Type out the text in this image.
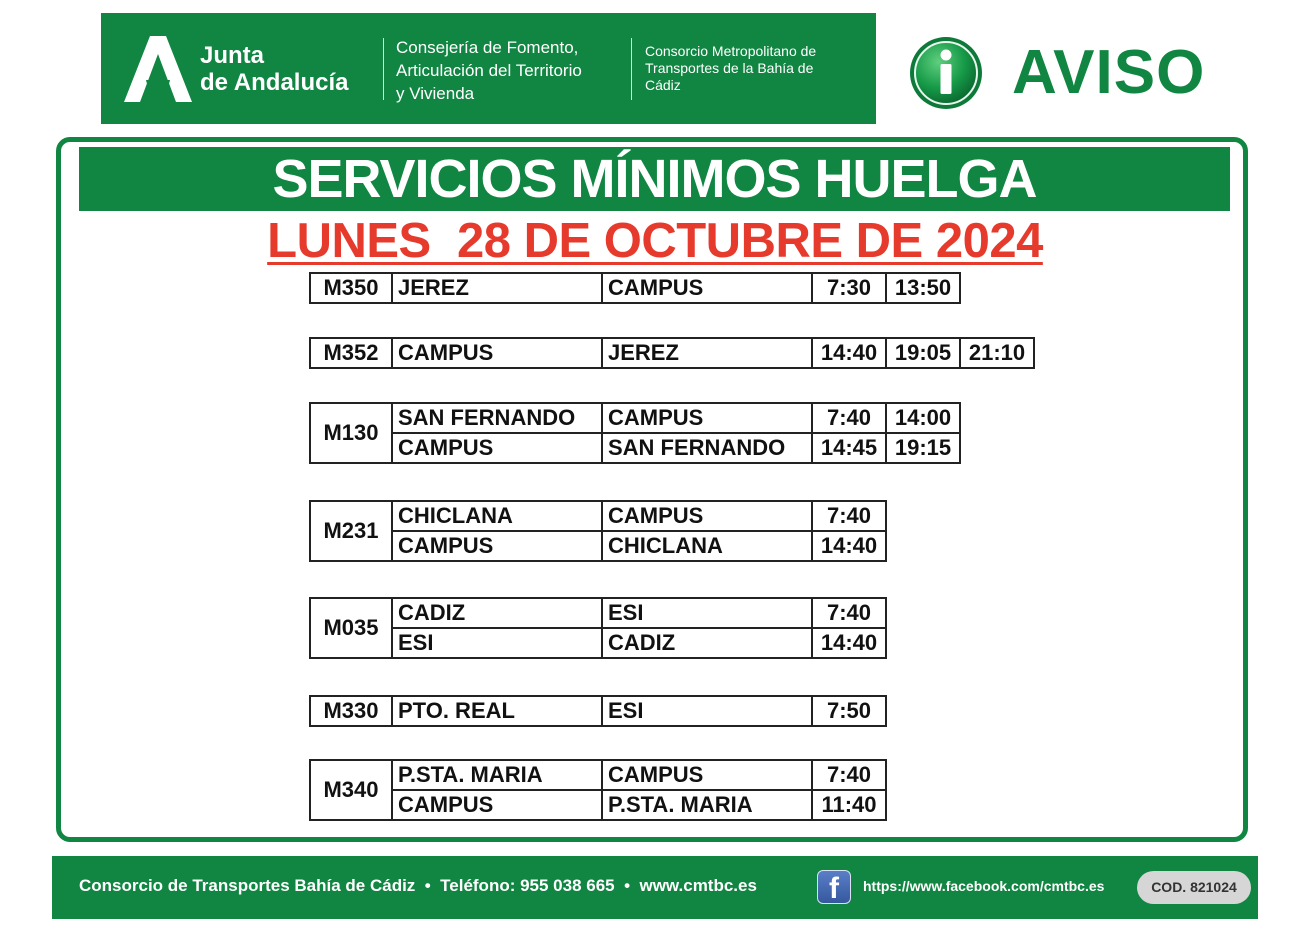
Junta
de Andalucía
Consejería de Fomento,
Articulación del Territorio
y Vivienda
Consorcio Metropolitano de
Transportes de la Bahía de
Cádiz	AVISO
SERVICIOS MÍNIMOS HUELGA
LUNES  28 DE OCTUBRE DE 2024
M350	JEREZ	CAMPUS	7:30	13:50
M352	CAMPUS	JEREZ	14:40	19:05	21:10
M130	SAN FERNANDO	CAMPUS	7:40	14:00
	CAMPUS	SAN FERNANDO	14:45	19:15
M231	CHICLANA	CAMPUS	7:40
	CAMPUS	CHICLANA	14:40
M035	CADIZ	ESI	7:40
	ESI	CADIZ	14:40
M330	PTO. REAL	ESI	7:50
M340	P.STA. MARIA	CAMPUS	7:40
	CAMPUS	P.STA. MARIA	11:40
Consorcio de Transportes Bahía de Cádiz  •  Teléfono: 955 038 665  •  www.cmtbc.es	f	https://www.facebook.com/cmtbc.es	COD. 821024
